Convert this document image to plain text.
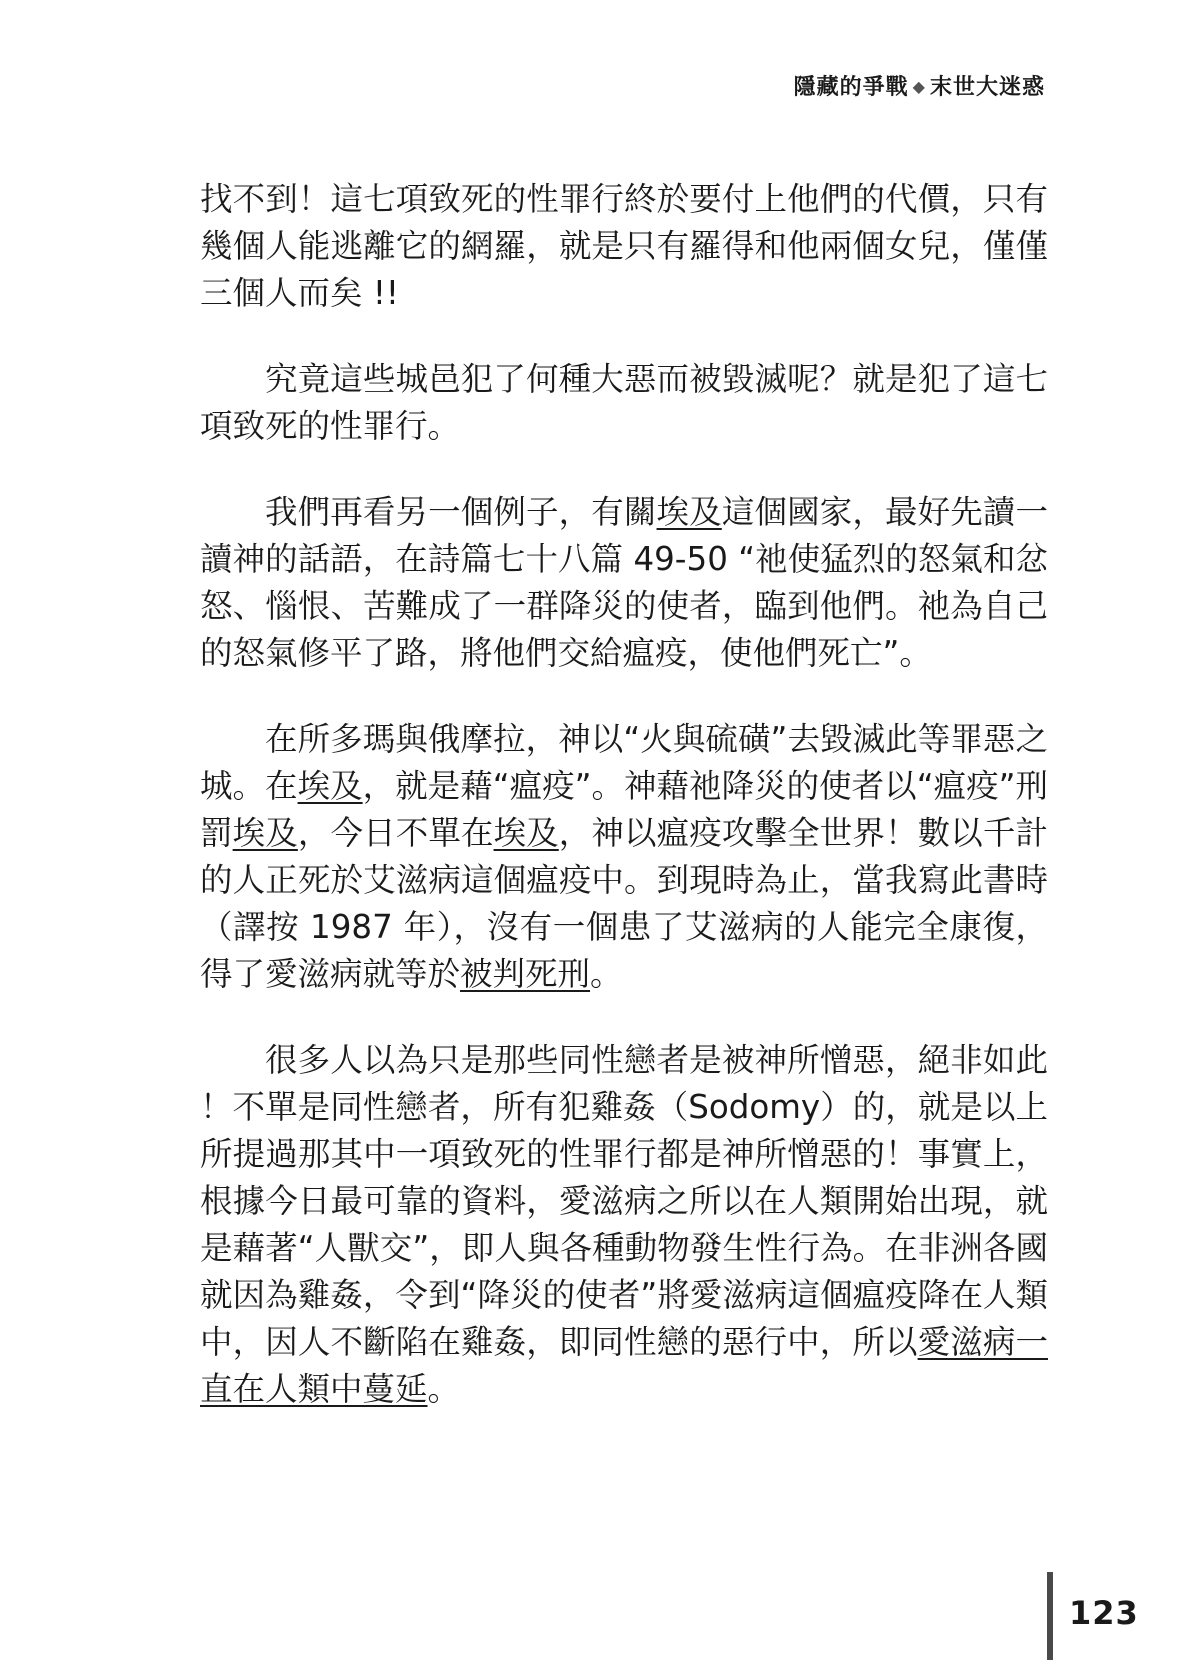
隱藏的爭戰 ◆ 末世大迷惑

找不到！這七項致死的性罪行終於要付上他們的代價，只有幾個人能逃離它的網羅，就是只有羅得和他兩個女兒，僅僅三個人而矣 !!

究竟這些城邑犯了何種大惡而被毀滅呢？就是犯了這七項致死的性罪行。

我們再看另一個例子，有關埃及這個國家，最好先讀一讀神的話語，在詩篇七十八篇 49-50 “祂使猛烈的怒氣和忿怒、惱恨、苦難成了一群降災的使者，臨到他們。祂為自己的怒氣修平了路，將他們交給瘟疫，使他們死亡”。

在所多瑪與俄摩拉，神以“火與硫磺”去毀滅此等罪惡之城。在埃及，就是藉“瘟疫”。神藉祂降災的使者以“瘟疫”刑罰埃及，今日不單在埃及，神以瘟疫攻擊全世界！數以千計的人正死於艾滋病這個瘟疫中。到現時為止，當我寫此書時（譯按 1987 年），沒有一個患了艾滋病的人能完全康復，得了愛滋病就等於被判死刑。

很多人以為只是那些同性戀者是被神所憎惡，絕非如此！不單是同性戀者，所有犯雞姦（Sodomy）的，就是以上所提過那其中一項致死的性罪行都是神所憎惡的！事實上，根據今日最可靠的資料，愛滋病之所以在人類開始出現，就是藉著“人獸交”，即人與各種動物發生性行為。在非洲各國就因為雞姦，令到“降災的使者”將愛滋病這個瘟疫降在人類中，因人不斷陷在雞姦，即同性戀的惡行中，所以愛滋病一直在人類中蔓延。

123
